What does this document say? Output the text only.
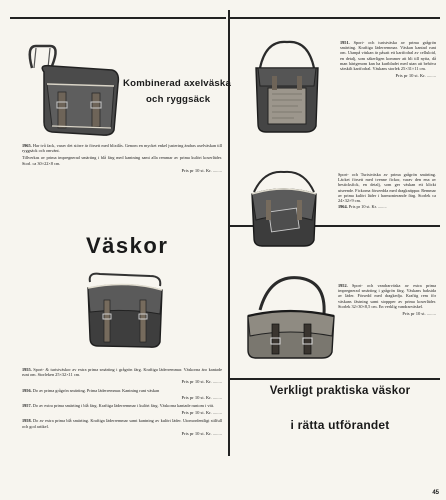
Kombinerad axelväska
och ryggsäck

1965. Har två fack, varav det större är försett med blixtlås. Genom en mycket enkel justering ändras axelväskan till ryggsäck och omvänt.

Tillverkas av prima impregnerad smärting i blå färg med kantning samt alla remmar av prima kulört koserläder. Storl. ca 30×22×8 cm.

Pris pr 10 st. Kr. ........
Väskor

1955. Sport- & turistväskor av extra prima smärting i grågrön färg. Kraftiga läderremmar. Väskorna äro kantade runt om. Storleken 25×32×11 cm.

Pris pr 10 st. Kr. ........

1956. Do av prima grågrön smärting. Prima läderremmar. Kantning runt väskan

Pris pr 10 st. Kr. ........

1957. Do av extra prima smärting i blå färg. Kraftiga läderremmar i kulört färg. Väskorna kantade runtom i vitt.

Pris pr 10 st. Kr. ........

1958. Do av extra prima blå smärting. Kraftiga läderremmar samt kantning av kulört läder. Utomordentligt stilfull och god artikel.

Pris pr 10 st. Kr. ........

1951. Sport- och turistväska av prima grågrön smärting. Kraftiga läderremmar. Väskan kantad runt om. Utanpå väskan är påsatt ett kartfodral av celluloid, en detalj, som säkerligen kommer att bli till nytta, då man härigenom kan ha kartbladet med utan att behöva särskilt kartfodral. Väskans storlek 25×31×11 cm.

Pris pr 10 st. Kr. ........

Sport- och Turistväska av prima grågrön smärting. Läcket försett med tvenne fickor, varav den ena av besticksfick, en detalj, som ger väskan ett klickt utseende. Fickorna förseedda med dragknäppar. Remmar av prima kulört läder i harmonierande färg. Storlek ca 24×32×9 cm.

1964. Pris pr 10 st. Kr. ........

1952. Sport- och vandrarväska av extra prima impregnerad smärting i grågrön färg. Väskans baksida av läder. Försedd med dragkedja. Kraftig rem för väskans fästning samt stoppper av prima koserläder. Storlek 32×30×8,5 cm. En verklig vandrarväskel.

Pris pr 10 st. ........
Verkligt praktiska väskor
i rätta utförandet
45
